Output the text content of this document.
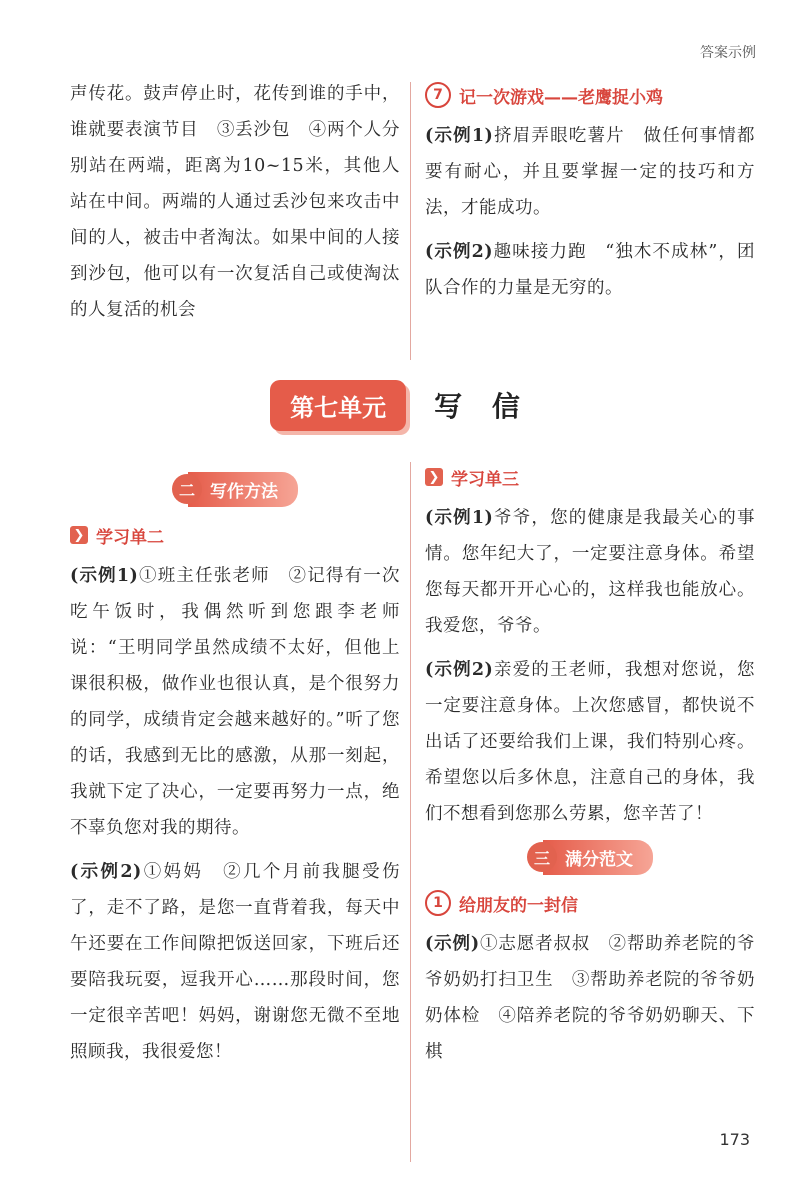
答案示例

声传花。鼓声停止时，花传到谁的手中，谁就要表演节目　③丢沙包　④两个人分别站在两端，距离为10~15米，其他人站在中间。两端的人通过丢沙包来攻击中间的人，被击中者淘汰。如果中间的人接到沙包，他可以有一次复活自己或使淘汰的人复活的机会

7 记一次游戏——老鹰捉小鸡

(示例1)挤眉弄眼吃薯片　做任何事情都要有耐心，并且要掌握一定的技巧和方法，才能成功。

(示例2)趣味接力跑　“独木不成林”，团队合作的力量是无穷的。

第七单元	写 信
二 写作方法
❯ 学习单二

(示例1)①班主任张老师　②记得有一次吃午饭时，我偶然听到您跟李老师说：“王明同学虽然成绩不太好，但他上课很积极，做作业也很认真，是个很努力的同学，成绩肯定会越来越好的。”听了您的话，我感到无比的感激，从那一刻起，我就下定了决心，一定要再努力一点，绝不辜负您对我的期待。

(示例2)①妈妈　②几个月前我腿受伤了，走不了路，是您一直背着我，每天中午还要在工作间隙把饭送回家，下班后还要陪我玩耍，逗我开心……那段时间，您一定很辛苦吧！妈妈，谢谢您无微不至地照顾我，我很爱您！

❯ 学习单三

(示例1)爷爷，您的健康是我最关心的事情。您年纪大了，一定要注意身体。希望您每天都开开心心的，这样我也能放心。我爱您，爷爷。

(示例2)亲爱的王老师，我想对您说，您一定要注意身体。上次您感冒，都快说不出话了还要给我们上课，我们特别心疼。希望您以后多休息，注意自己的身体，我们不想看到您那么劳累，您辛苦了！

三 满分范文
1 给朋友的一封信

(示例)①志愿者叔叔　②帮助养老院的爷爷奶奶打扫卫生　③帮助养老院的爷爷奶奶体检　④陪养老院的爷爷奶奶聊天、下棋

173
